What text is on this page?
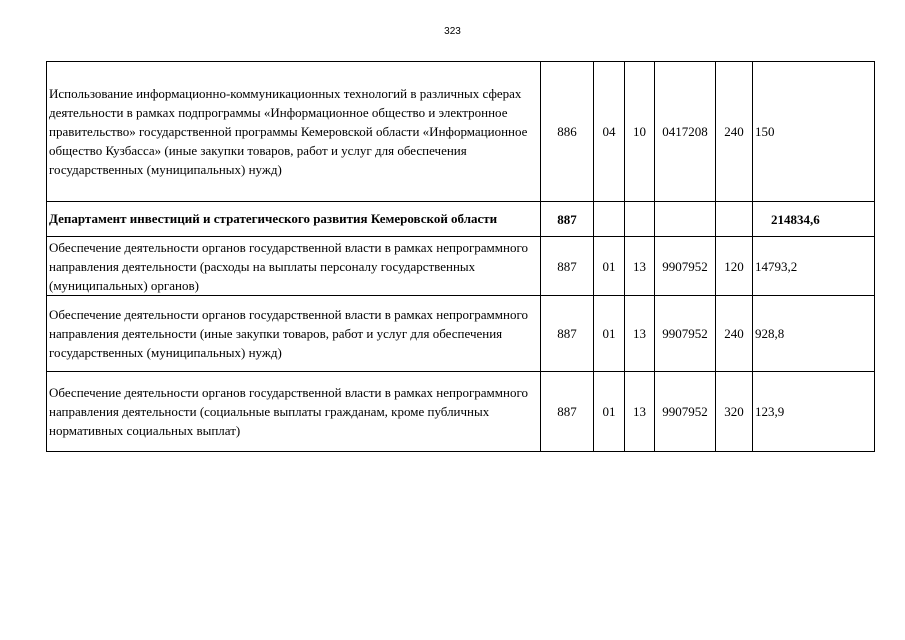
323
Использование информационно-коммуникационных технологий в различных сферах деятельности в рамках подпрограммы «Информационное общество и электронное правительство» государственной программы Кемеровской области «Информационное общество Кузбасса» (иные закупки товаров, работ и услуг для обеспечения государственных (муниципальных) нужд)	886	04	10	0417208	240	150
Департамент инвестиций и стратегического развития Кемеровской области	887					214834,6
Обеспечение деятельности органов государственной власти в рамках непрограммного направления деятельности (расходы на выплаты персоналу государственных (муниципальных) органов)	887	01	13	9907952	120	14793,2
Обеспечение деятельности органов государственной власти в рамках непрограммного направления деятельности (иные закупки товаров, работ и услуг для обеспечения государственных (муниципальных) нужд)	887	01	13	9907952	240	928,8
Обеспечение деятельности органов государственной власти в рамках непрограммного направления деятельности (социальные выплаты гражданам, кроме публичных нормативных социальных выплат)	887	01	13	9907952	320	123,9
